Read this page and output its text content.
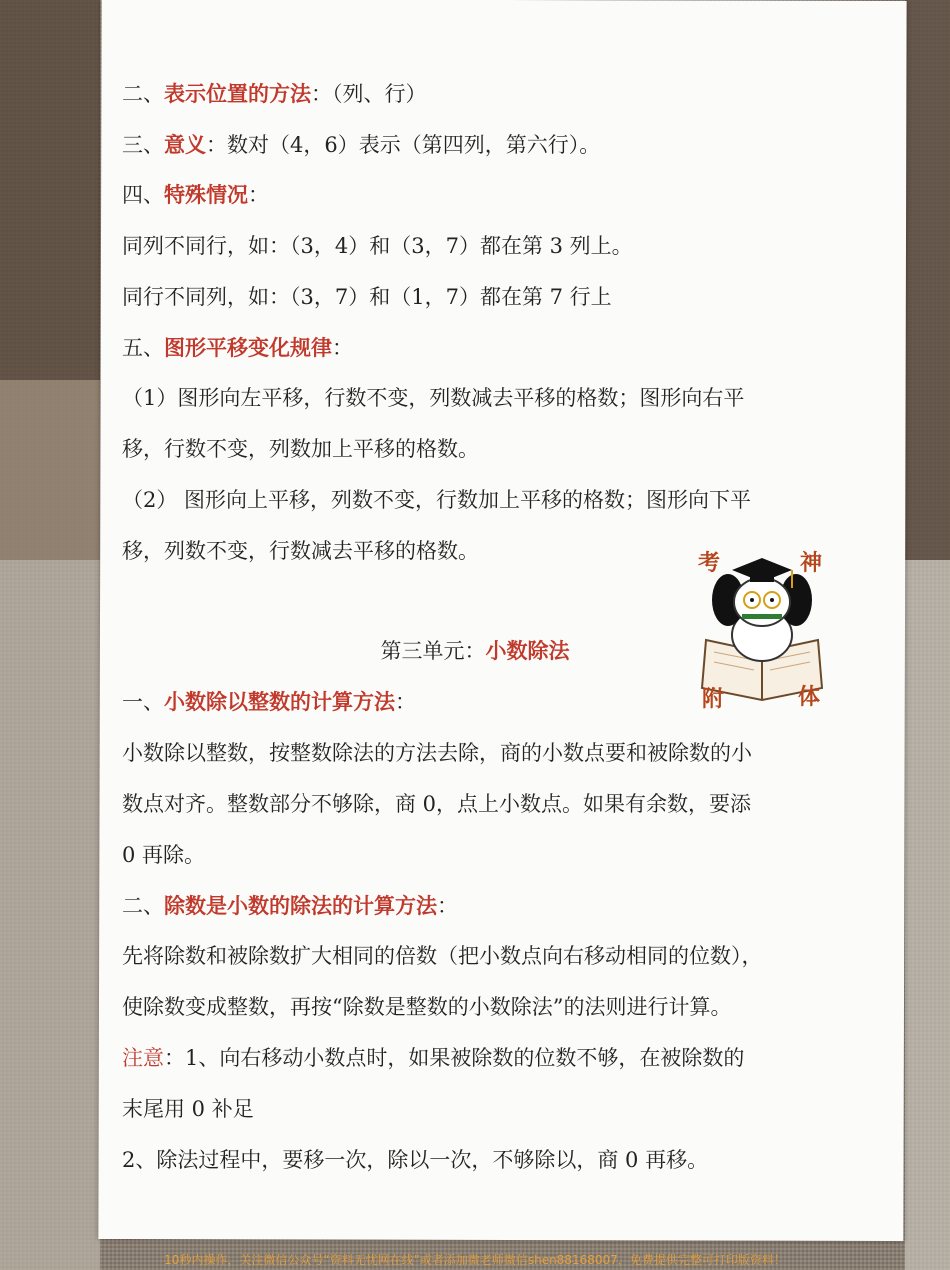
二、表示位置的方法：（列、行）
三、意义：数对（4，6）表示（第四列，第六行）。
四、特殊情况：
同列不同行，如：（3，4）和（3，7）都在第 3 列上。
同行不同列，如：（3，7）和（1，7）都在第 7 行上
五、图形平移变化规律：
（1）图形向左平移，行数不变，列数减去平移的格数；图形向右平
移，行数不变，列数加上平移的格数。
（2） 图形向上平移，列数不变，行数加上平移的格数；图形向下平
移，列数不变，行数减去平移的格数。	考	神
附	体
第三单元：小数除法
一、小数除以整数的计算方法：
小数除以整数，按整数除法的方法去除，商的小数点要和被除数的小
数点对齐。整数部分不够除，商 0，点上小数点。如果有余数，要添
0 再除。
二、除数是小数的除法的计算方法：
先将除数和被除数扩大相同的倍数（把小数点向右移动相同的位数），
使除数变成整数，再按“除数是整数的小数除法”的法则进行计算。
注意：1、向右移动小数点时，如果被除数的位数不够，在被除数的
末尾用 0 补足
2、除法过程中，要移一次，除以一次，不够除以，商 0 再移。
10秒内操作，关注微信公众号“资料无忧网在线”或者添加微老师微信shen88168007，免费提供完整可打印版资料！
